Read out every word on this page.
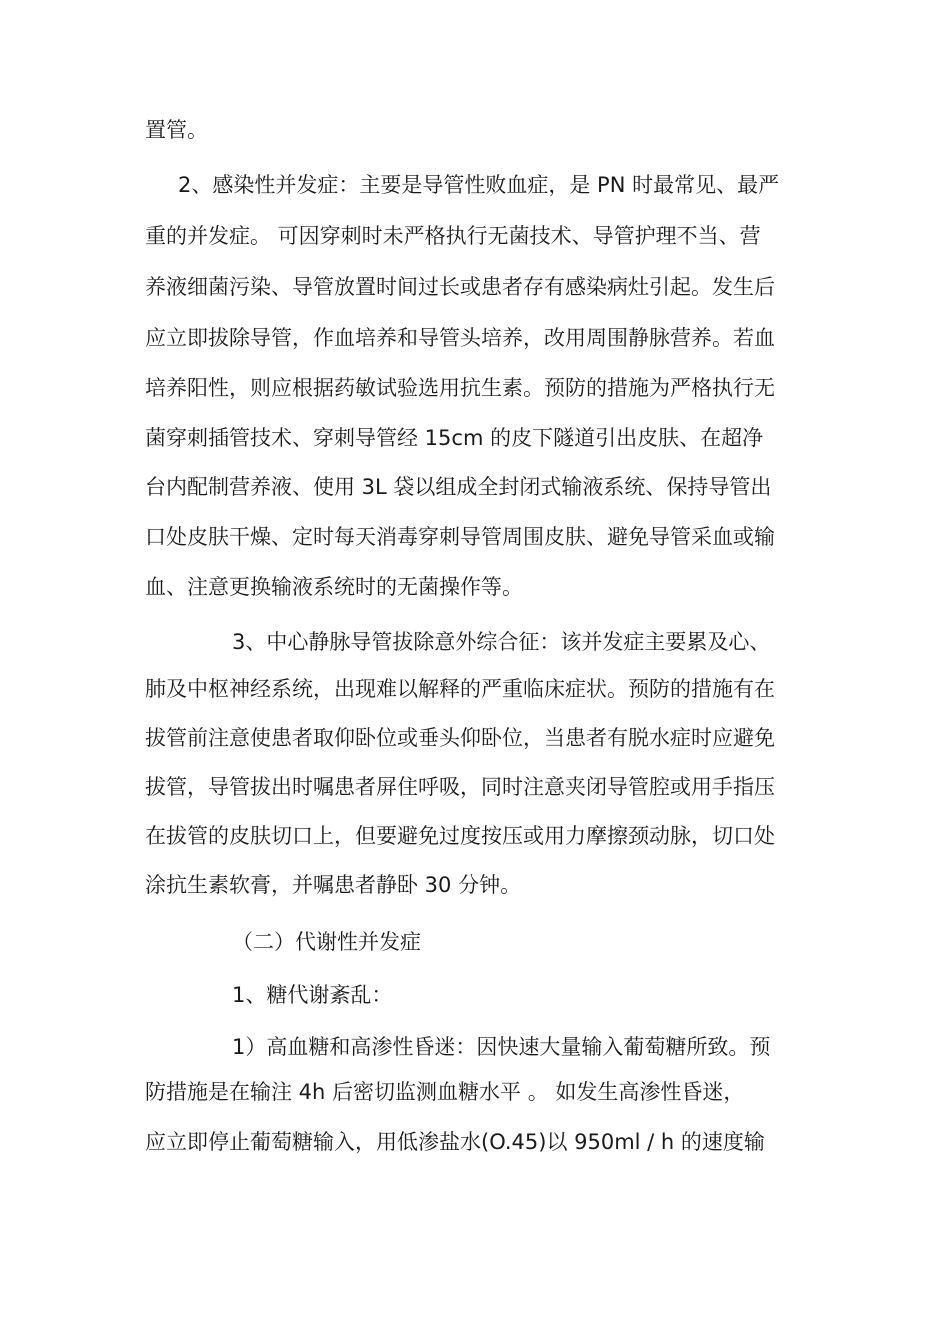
置管。
2、感染性并发症：主要是导管性败血症，是 PN 时最常见、最严
重的并发症。 可因穿刺时未严格执行无菌技术、导管护理不当、营
养液细菌污染、导管放置时间过长或患者存有感染病灶引起。发生后
应立即拔除导管，作血培养和导管头培养，改用周围静脉营养。若血
培养阳性，则应根据药敏试验选用抗生素。预防的措施为严格执行无
菌穿刺插管技术、穿刺导管经 15cm 的皮下隧道引出皮肤、在超净
台内配制营养液、使用 3L 袋以组成全封闭式输液系统、保持导管出
口处皮肤干燥、定时每天消毒穿刺导管周围皮肤、避免导管采血或输
血、注意更换输液系统时的无菌操作等。
3、中心静脉导管拔除意外综合征：该并发症主要累及心、
肺及中枢神经系统，出现难以解释的严重临床症状。预防的措施有在
拔管前注意使患者取仰卧位或垂头仰卧位，当患者有脱水症时应避免
拔管，导管拔出时嘱患者屏住呼吸，同时注意夹闭导管腔或用手指压
在拔管的皮肤切口上，但要避免过度按压或用力摩擦颈动脉，切口处
涂抗生素软膏，并嘱患者静卧 30 分钟。
（二）代谢性并发症
1、糖代谢紊乱：
1）高血糖和高渗性昏迷：因快速大量输入葡萄糖所致。预
防措施是在输注 4h 后密切监测血糖水平 。 如发生高渗性昏迷，
应立即停止葡萄糖输入，用低渗盐水(O.45)以 950ml / h 的速度输
